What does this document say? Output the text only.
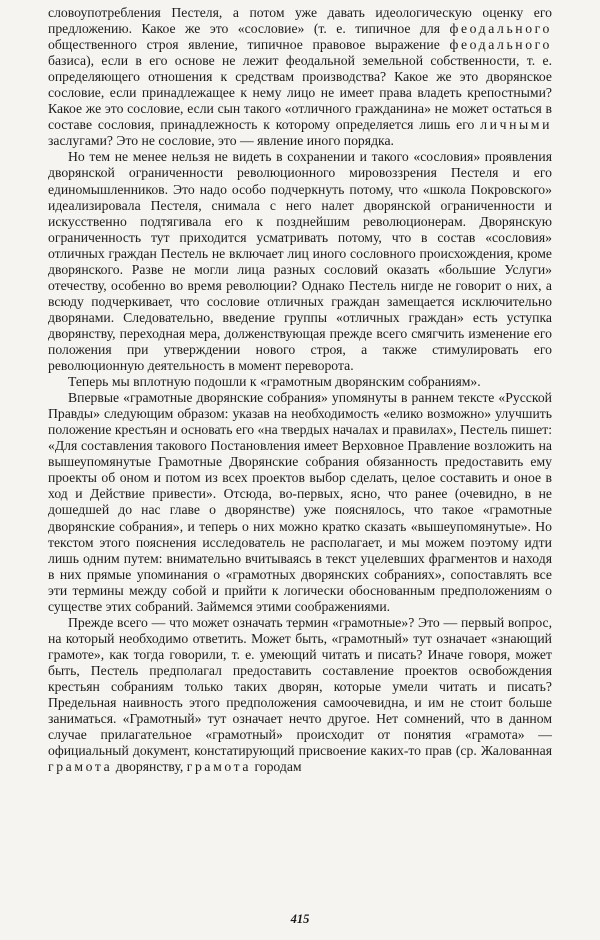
словоупотребления Пестеля, а потом уже давать идеологическую оценку его предложению. Какое же это «сословие» (т. е. типичное для феодального общественного строя явление, типичное правовое выражение феодального базиса), если в его основе не лежит феодальной земельной собственности, т. е. определяющего отношения к средствам производства? Какое же это дворянское сословие, если принадлежащее к нему лицо не имеет права владеть крепостными? Какое же это сословие, если сын такого «отличного гражданина» не может остаться в составе сословия, принадлежность к которому определяется лишь его личными заслугами? Это не сословие, это — явление иного порядка.

Но тем не менее нельзя не видеть в сохранении и такого «сословия» проявления дворянской ограниченности революционного мировоззрения Пестеля и его единомышленников. Это надо особо подчеркнуть потому, что «школа Покровского» идеализировала Пестеля, снимала с него налет дворянской ограниченности и искусственно подтягивала его к позднейшим революционерам. Дворянскую ограниченность тут приходится усматривать потому, что в состав «сословия» отличных граждан Пестель не включает лиц иного сословного происхождения, кроме дворянского. Разве не могли лица разных сословий оказать «большие Услуги» отечеству, особенно во время революции? Однако Пестель нигде не говорит о них, а всюду подчеркивает, что сословие отличных граждан замещается исключительно дворянами. Следовательно, введение группы «отличных граждан» есть уступка дворянству, переходная мера, долженствующая прежде всего смягчить изменение его положения при утверждении нового строя, а также стимулировать его революционную деятельность в момент переворота.

Теперь мы вплотную подошли к «грамотным дворянским собраниям».

Впервые «грамотные дворянские собрания» упомянуты в раннем тексте «Русской Правды» следующим образом: указав на необходимость «елико возможно» улучшить положение крестьян и основать его «на твердых началах и правилах», Пестель пишет: «Для составления такового Постановления имеет Верховное Правление возложить на вышеупомянутые Грамотные Дворянские собрания обязанность предоставить ему проекты об оном и потом из всех проектов выбор сделать, целое составить и оное в ход и Действие привести». Отсюда, во-первых, ясно, что ранее (очевидно, в не дошедшей до нас главе о дворянстве) уже пояснялось, что такое «грамотные дворянские собрания», и теперь о них можно кратко сказать «вышеупомянутые». Но текстом этого пояснения исследователь не располагает, и мы можем поэтому идти лишь одним путем: внимательно вчитываясь в текст уцелевших фрагментов и находя в них прямые упоминания о «грамотных дворянских собраниях», сопоставлять все эти термины между собой и прийти к логически обоснованным предположениям о существе этих собраний. Займемся этими соображениями.

Прежде всего — что может означать термин «грамотные»? Это — первый вопрос, на который необходимо ответить. Может быть, «грамотный» тут означает «знающий грамоте», как тогда говорили, т. е. умеющий читать и писать? Иначе говоря, может быть, Пестель предполагал предоставить составление проектов освобождения крестьян собраниям только таких дворян, которые умели читать и писать? Предельная наивность этого предположения самоочевидна, и им не стоит больше заниматься. «Грамотный» тут означает нечто другое. Нет сомнений, что в данном случае прилагательное «грамотный» происходит от понятия «грамота» — официальный документ, констатирующий присвоение каких-то прав (ср. Жалованная грамота дворянству, грамота городам

415
